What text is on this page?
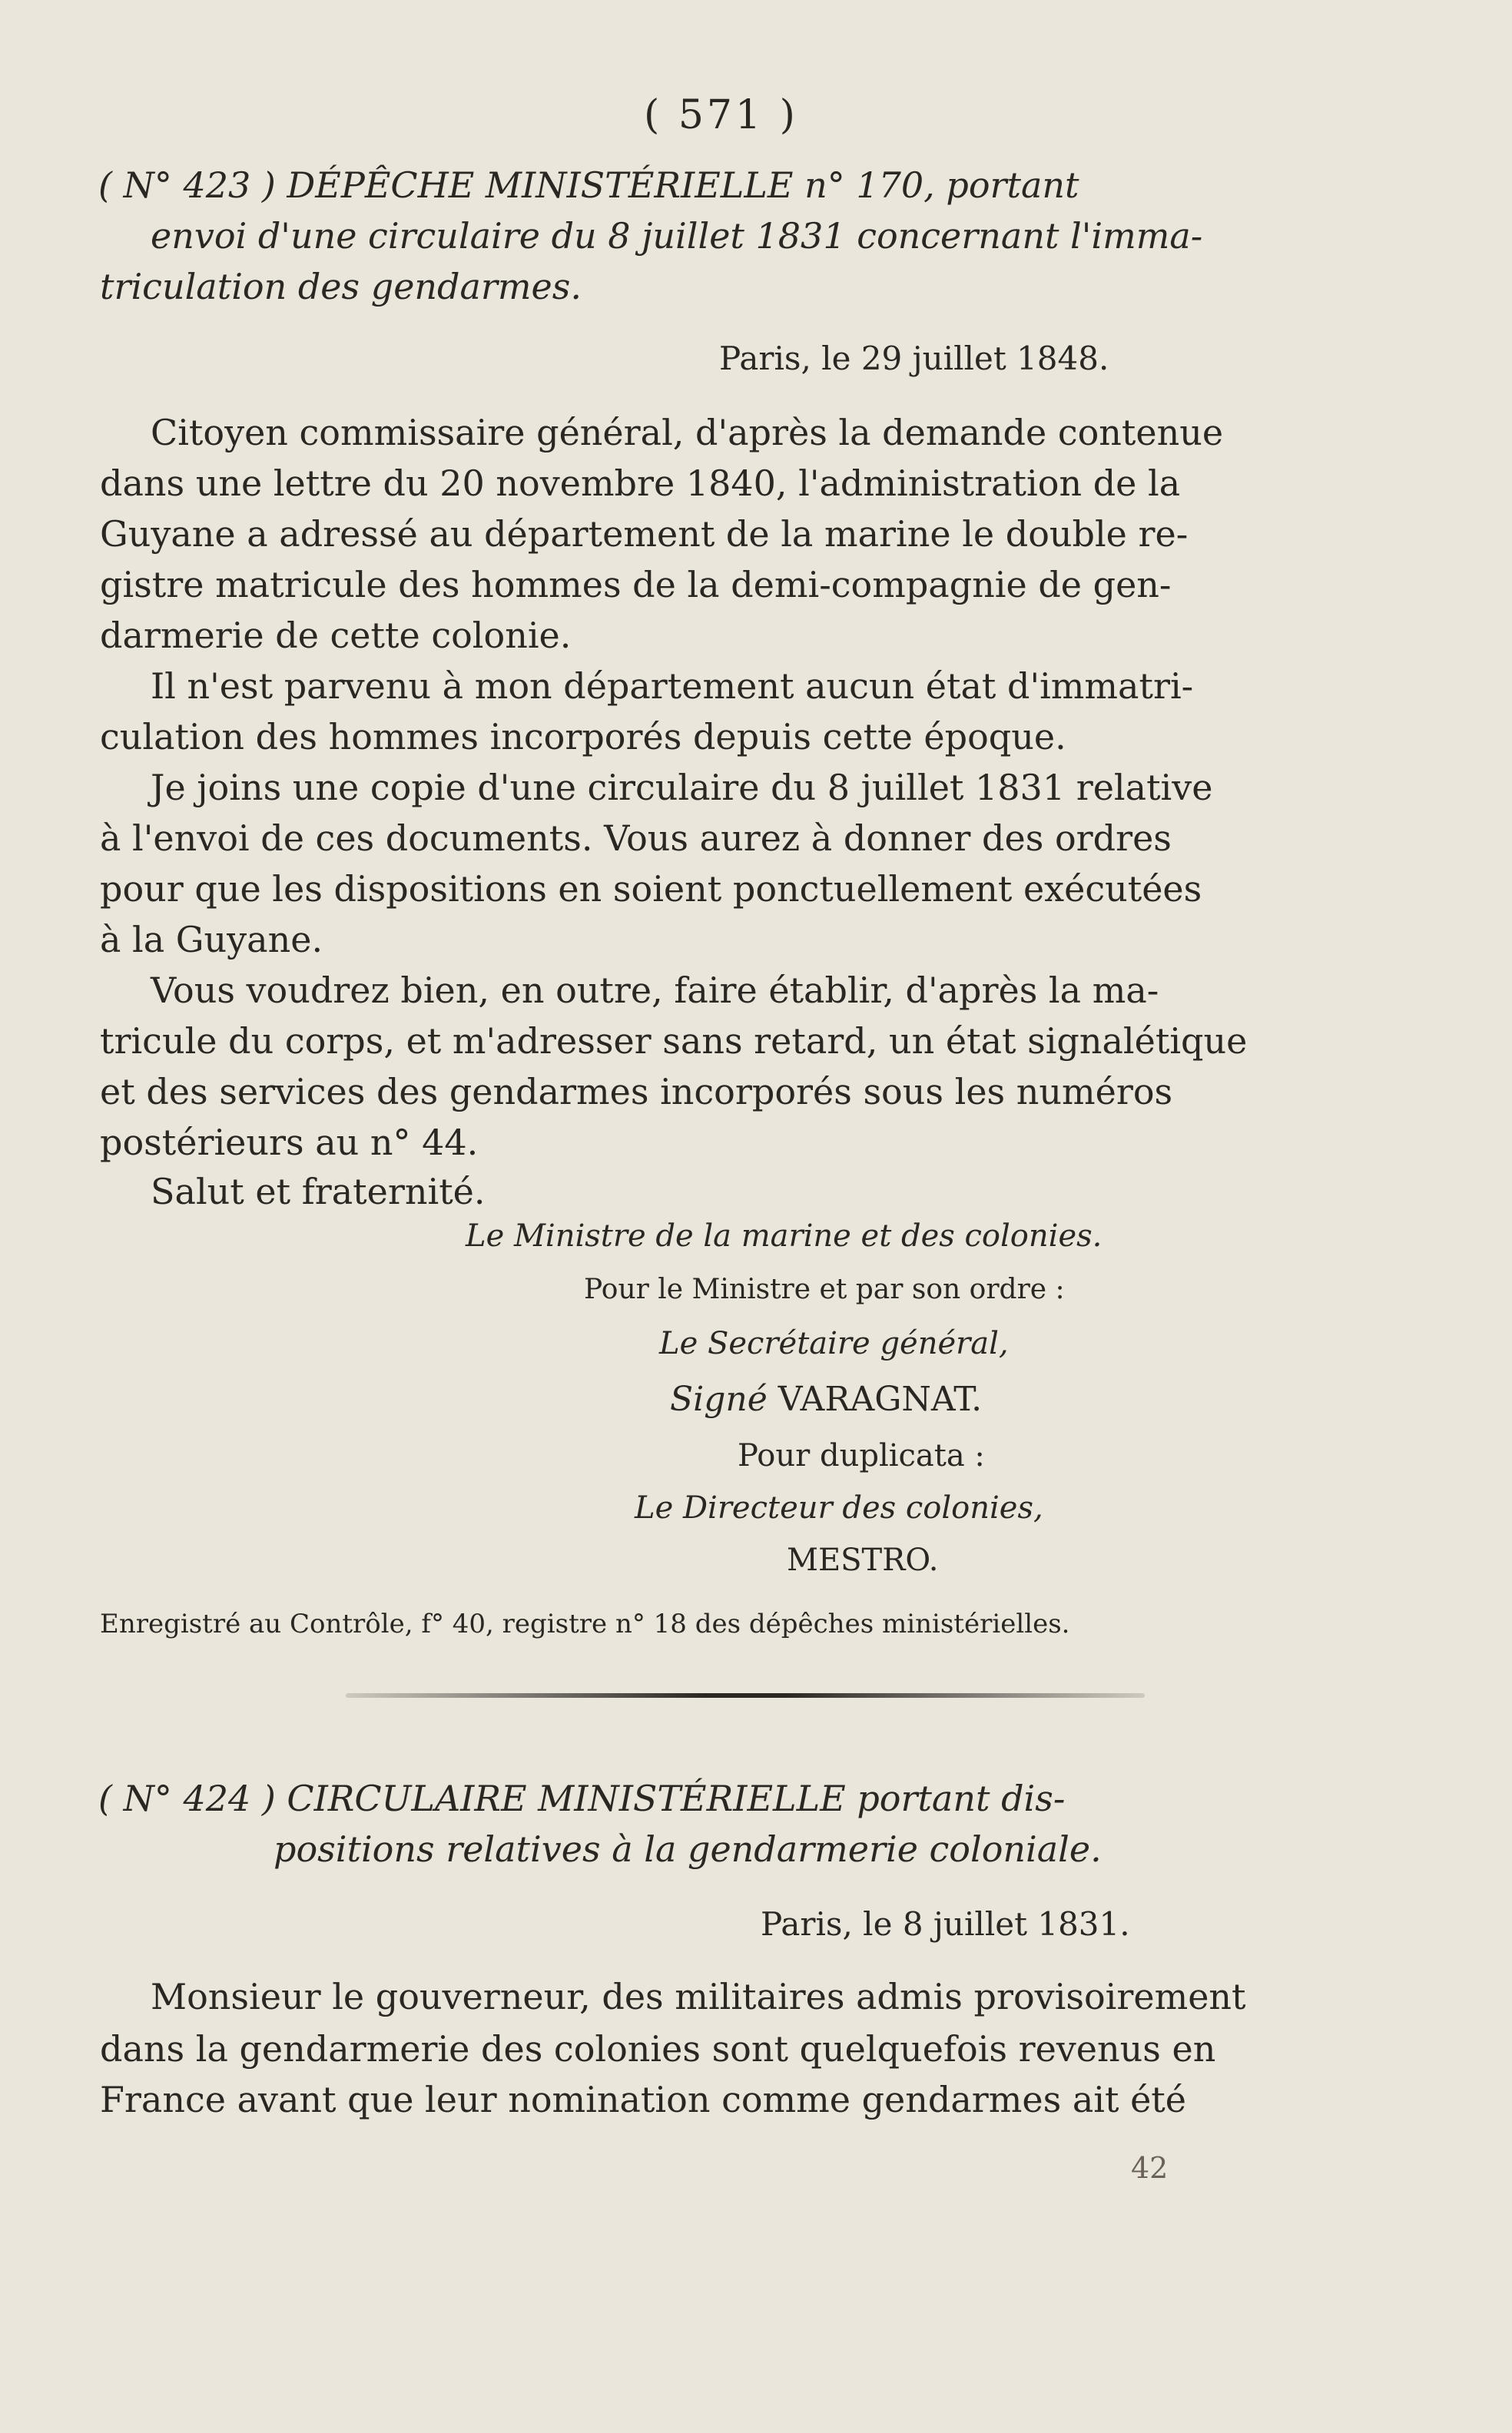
( 571 )
( N° 423 ) DÉPÊCHE MINISTÉRIELLE n° 170, portant
envoi d'une circulaire du 8 juillet 1831 concernant l'imma-
triculation des gendarmes.
Paris, le 29 juillet 1848.
Citoyen commissaire général, d'après la demande contenue
dans une lettre du 20 novembre 1840, l'administration de la
Guyane a adressé au département de la marine le double re-
gistre matricule des hommes de la demi-compagnie de gen-
darmerie de cette colonie.
Il n'est parvenu à mon département aucun état d'immatri-
culation des hommes incorporés depuis cette époque.
Je joins une copie d'une circulaire du 8 juillet 1831 relative
à l'envoi de ces documents. Vous aurez à donner des ordres
pour que les dispositions en soient ponctuellement exécutées
à la Guyane.
Vous voudrez bien, en outre, faire établir, d'après la ma-
tricule du corps, et m'adresser sans retard, un état signalétique
et des services des gendarmes incorporés sous les numéros
postérieurs au n° 44.
Salut et fraternité.
Le Ministre de la marine et des colonies.
Pour le Ministre et par son ordre :
Le Secrétaire général,
Signé VARAGNAT.
Pour duplicata :
Le Directeur des colonies,
MESTRO.
Enregistré au Contrôle, f° 40, registre n° 18 des dépêches ministérielles.
( N° 424 ) CIRCULAIRE MINISTÉRIELLE portant dis-
positions relatives à la gendarmerie coloniale.
Paris, le 8 juillet 1831.
Monsieur le gouverneur, des militaires admis provisoirement
dans la gendarmerie des colonies sont quelquefois revenus en
France avant que leur nomination comme gendarmes ait été
42
